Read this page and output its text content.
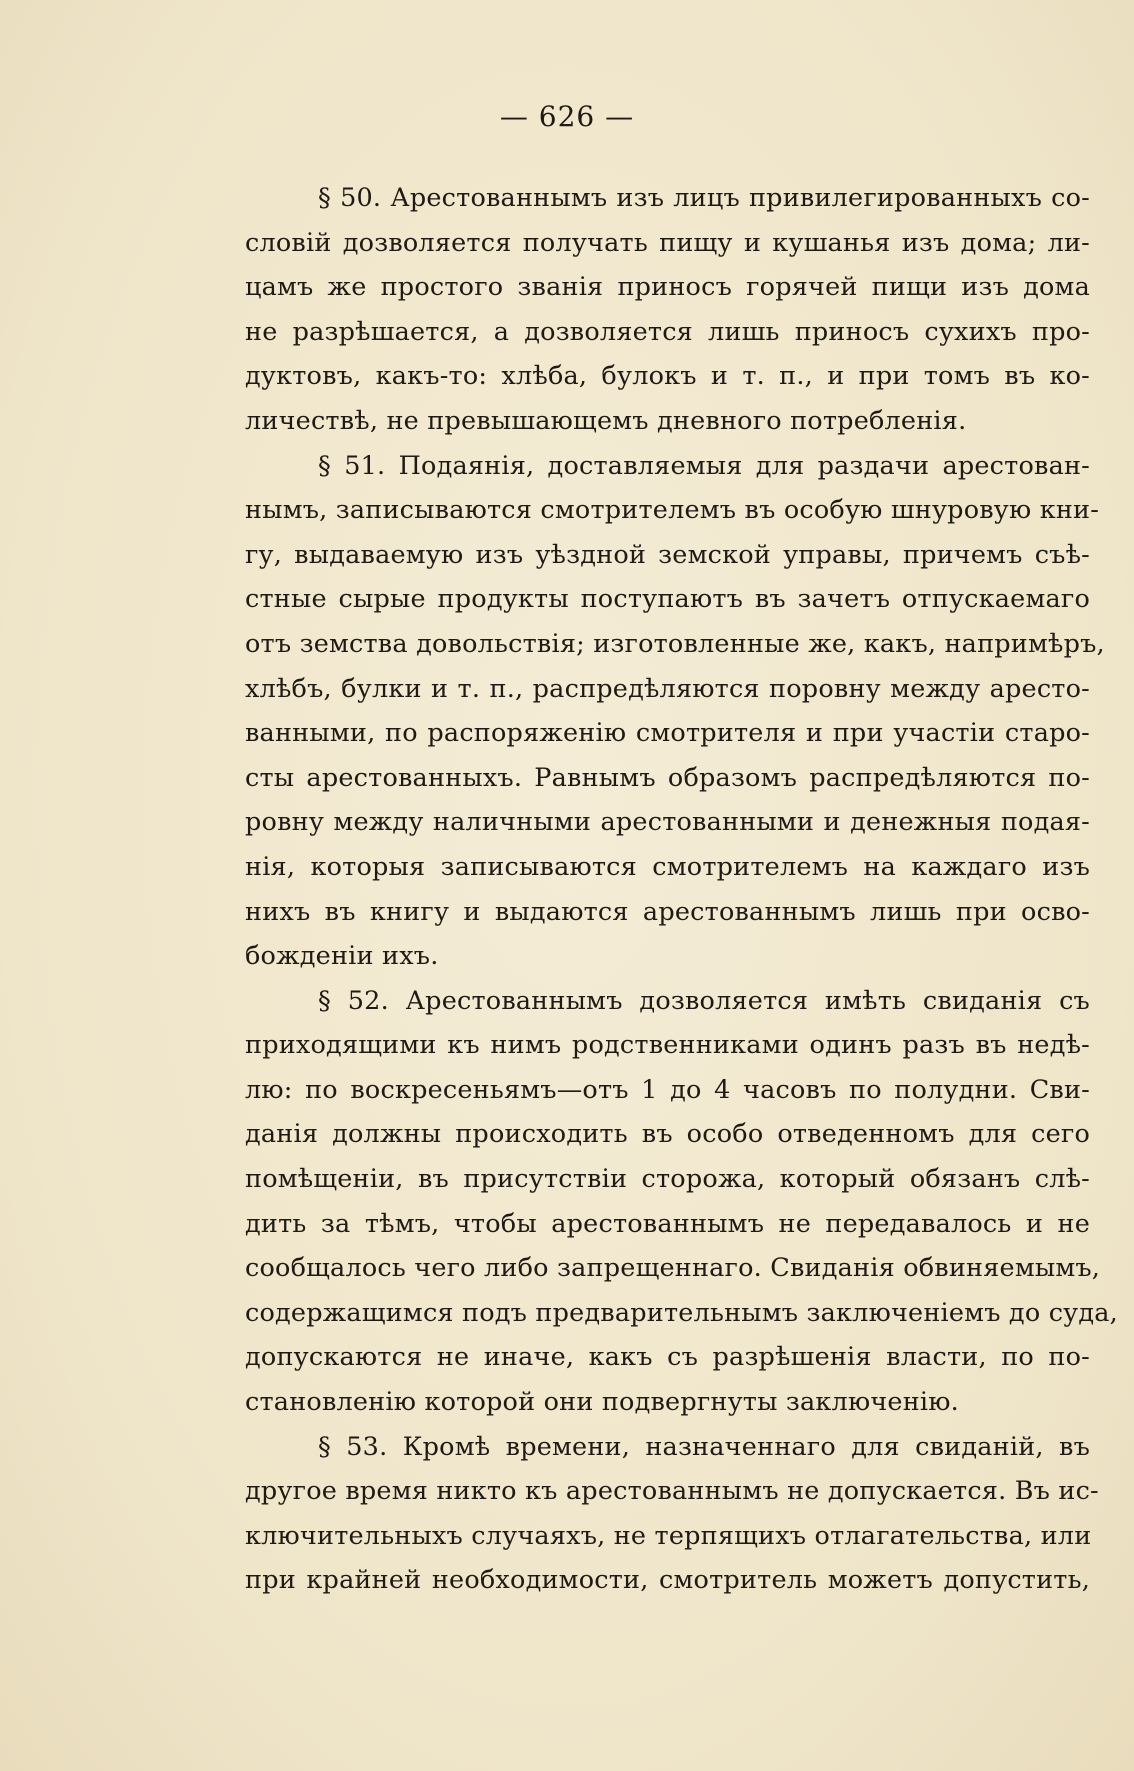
— 626 —
§ 50. Арестованнымъ изъ лицъ привилегированныхъ со-
словій дозволяется получать пищу и кушанья изъ дома; ли-
цамъ же простого званія приносъ горячей пищи изъ дома
не разрѣшается, а дозволяется лишь приносъ сухихъ про-
дуктовъ, какъ-то: хлѣба, булокъ и т. п., и при томъ въ ко-
личествѣ, не превышающемъ дневного потребленія.
§ 51. Подаянія, доставляемыя для раздачи арестован-
нымъ, записываются смотрителемъ въ особую шнуровую кни-
гу, выдаваемую изъ уѣздной земской управы, причемъ съѣ-
стные сырые продукты поступаютъ въ зачетъ отпускаемаго
отъ земства довольствія; изготовленные же, какъ, напримѣръ,
хлѣбъ, булки и т. п., распредѣляются поровну между аресто-
ванными, по распоряженію смотрителя и при участіи старо-
сты арестованныхъ. Равнымъ образомъ распредѣляются по-
ровну между наличными арестованными и денежныя подая-
нія, которыя записываются смотрителемъ на каждаго изъ
нихъ въ книгу и выдаются арестованнымъ лишь при осво-
божденіи ихъ.
§ 52. Арестованнымъ дозволяется имѣть свиданія съ
приходящими къ нимъ родственниками одинъ разъ въ недѣ-
лю: по воскресеньямъ—отъ 1 до 4 часовъ по полудни. Сви-
данія должны происходить въ особо отведенномъ для сего
помѣщеніи, въ присутствіи сторожа, который обязанъ слѣ-
дить за тѣмъ, чтобы арестованнымъ не передавалось и не
сообщалось чего либо запрещеннаго. Свиданія обвиняемымъ,
содержащимся подъ предварительнымъ заключеніемъ до суда,
допускаются не иначе, какъ съ разрѣшенія власти, по по-
становленію которой они подвергнуты заключенію.
§ 53. Кромѣ времени, назначеннаго для свиданій, въ
другое время никто къ арестованнымъ не допускается. Въ ис-
ключительныхъ случаяхъ, не терпящихъ отлагательства, или
при крайней необходимости, смотритель можетъ допустить,
